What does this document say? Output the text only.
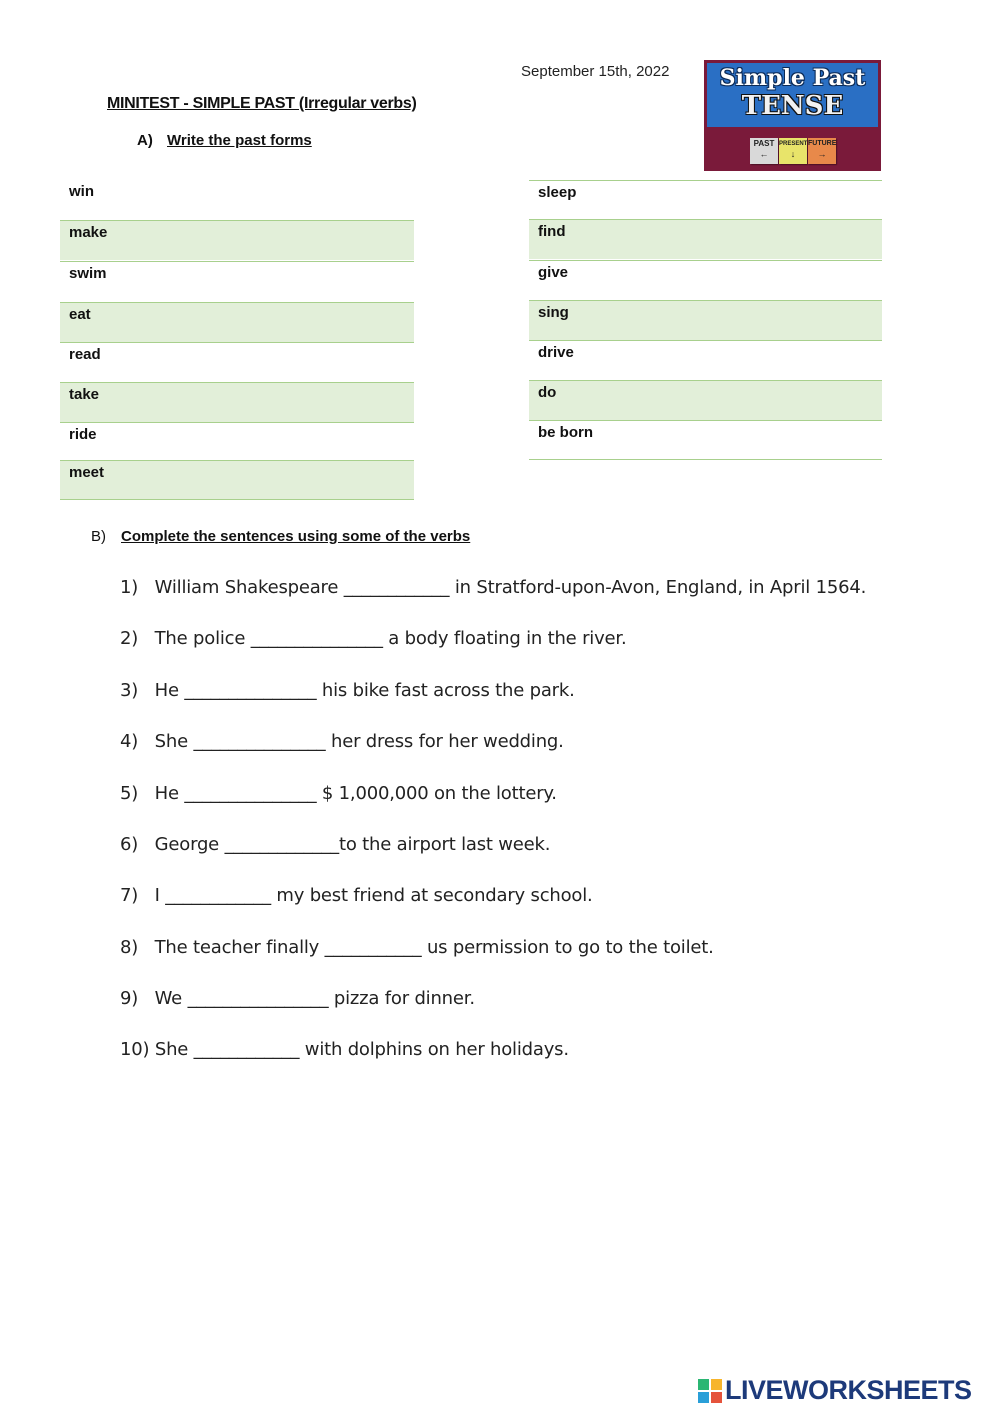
September 15th, 2022
MINITEST - SIMPLE PAST (Irregular verbs)
A) Write the past forms
Simple Past
TENSE
PAST
←
PRESENT
↓
FUTURE
→
win
make
swim
eat
read
take
ride
meet
sleep
find
give
sing
drive
do
be born
B) Complete the sentences using some of the verbs
1)   William Shakespeare ____________ in Stratford-upon-Avon, England, in April 1564.
2)   The police _______________ a body floating in the river.
3)   He _______________ his bike fast across the park.
4)   She _______________ her dress for her wedding.
5)   He _______________ $ 1,000,000 on the lottery.
6)   George _____________to the airport last week.
7)   I ____________ my best friend at secondary school.
8)   The teacher finally ___________ us permission to go to the toilet.
9)   We ________________ pizza for dinner.
10) She ____________ with dolphins on her holidays.
LIVEWORKSHEETS
